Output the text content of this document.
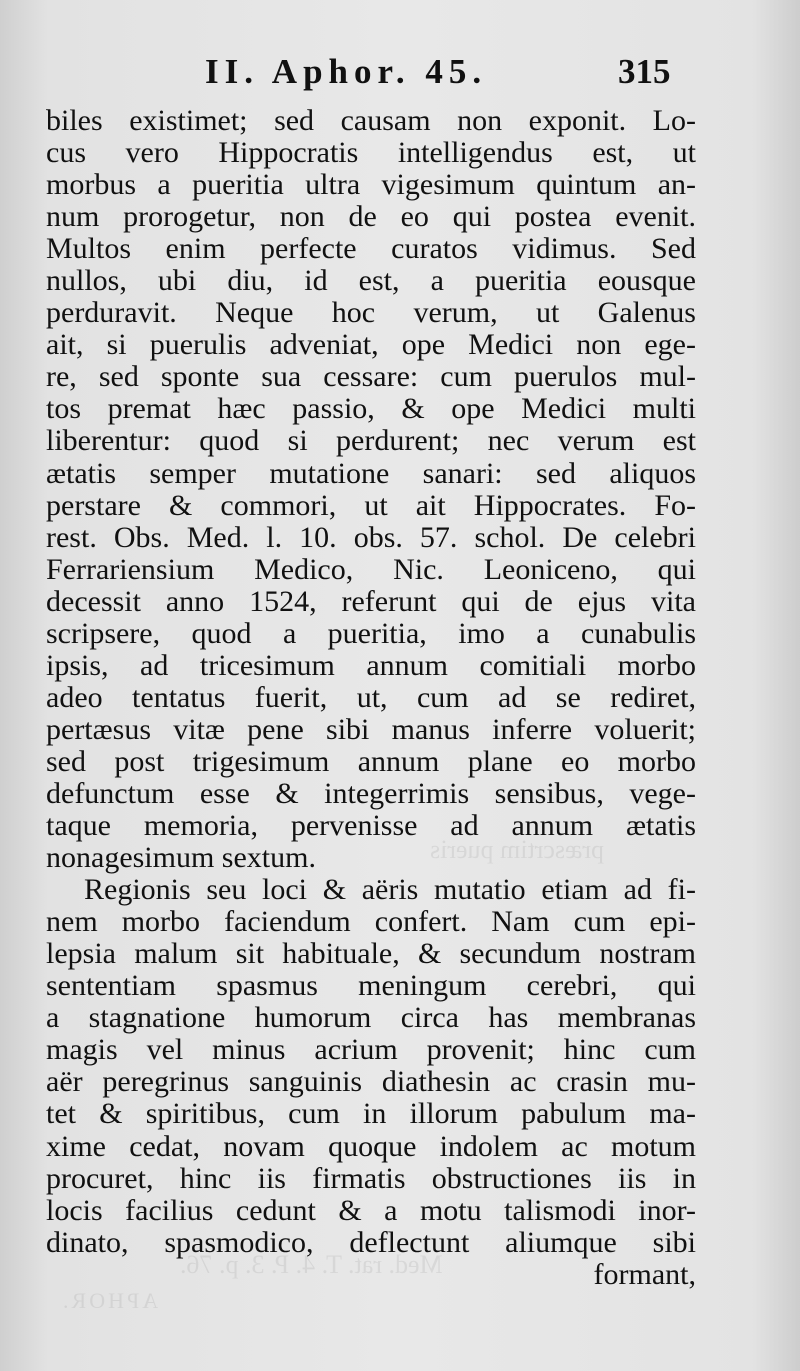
II. Aphor. 45.	315
biles existimet; sed causam non exponit. Lo-
cus vero Hippocratis intelligendus est, ut
morbus a pueritia ultra vigesimum quintum an-
num prorogetur, non de eo qui postea evenit.
Multos enim perfecte curatos vidimus. Sed
nullos, ubi diu, id est, a pueritia eousque
perduravit. Neque hoc verum, ut Galenus
ait, si puerulis adveniat, ope Medici non ege-
re, sed sponte sua cessare: cum puerulos mul-
tos premat hæc passio, & ope Medici multi
liberentur: quod si perdurent; nec verum est
ætatis semper mutatione sanari: sed aliquos
perstare & commori, ut ait Hippocrates. Fo-
rest. Obs. Med. l. 10. obs. 57. schol. De celebri
Ferrariensium Medico, Nic. Leoniceno, qui
decessit anno 1524, referunt qui de ejus vita
scripsere, quod a pueritia, imo a cunabulis
ipsis, ad tricesimum annum comitiali morbo
adeo tentatus fuerit, ut, cum ad se rediret,
pertæsus vitæ pene sibi manus inferre voluerit;
sed post trigesimum annum plane eo morbo
defunctum esse & integerrimis sensibus, vege-
taque memoria, pervenisse ad annum ætatis
nonagesimum sextum.
Regionis seu loci & aëris mutatio etiam ad fi-
nem morbo faciendum confert. Nam cum epi-
lepsia malum sit habituale, & secundum nostram
sententiam spasmus meningum cerebri, qui
a stagnatione humorum circa has membranas
magis vel minus acrium provenit; hinc cum
aër peregrinus sanguinis diathesin ac crasin mu-
tet & spiritibus, cum in illorum pabulum ma-
xime cedat, novam quoque indolem ac motum
procuret, hinc iis firmatis obstructiones iis in
locis facilius cedunt & a motu talismodi inor-
dinato, spasmodico, deflectunt aliumque sibi
formant,
præscrtim pueris
Med. rat. T. 4. P. 3. p. 76.
APHOR.
